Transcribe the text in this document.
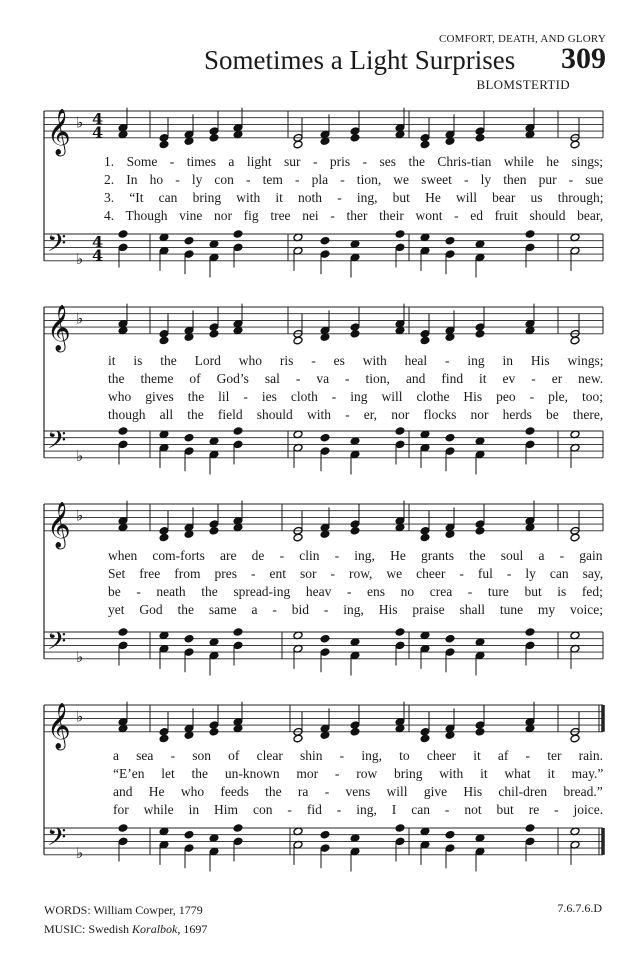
COMFORT, DEATH, AND GLORY
Sometimes a Light Surprises 309
BLOMSTERTID
𝄞
𝄢
♭
♭
4
4
4
4
𝄞
𝄢
♭
♭
𝄞
𝄢
♭
♭
𝄞
𝄢
♭
♭
1. Some - times a light sur - pris - ses the Chris-tian while he sings;
2. In ho - ly con - tem - pla - tion, we sweet - ly then pur - sue
3. “It can bring with it noth - ing, but He will bear us through;
4. Though vine nor fig tree nei - ther their wont - ed fruit should bear,
it is the Lord who ris - es with heal - ing in His wings;
the theme of God’s sal - va - tion, and find it ev - er new.
who gives the lil - ies cloth - ing will clothe His peo - ple, too;
though all the field should with - er, nor flocks nor herds be there,
when com-forts are de - clin - ing, He grants the soul a - gain
Set free from pres - ent sor - row, we cheer - ful - ly can say,
be - neath the spread-ing heav - ens no crea - ture but is fed;
yet God the same a - bid - ing, His praise shall tune my voice;
a sea - son of clear shin - ing, to cheer it af - ter rain.
“E’en let the un-known mor - row bring with it what it may.”
and He who feeds the ra - vens will give His chil-dren bread.”
for while in Him con - fid - ing, I can - not but re - joice.
WORDS: William Cowper, 1779
MUSIC: Swedish Koralbok, 1697
7.6.7.6.D
